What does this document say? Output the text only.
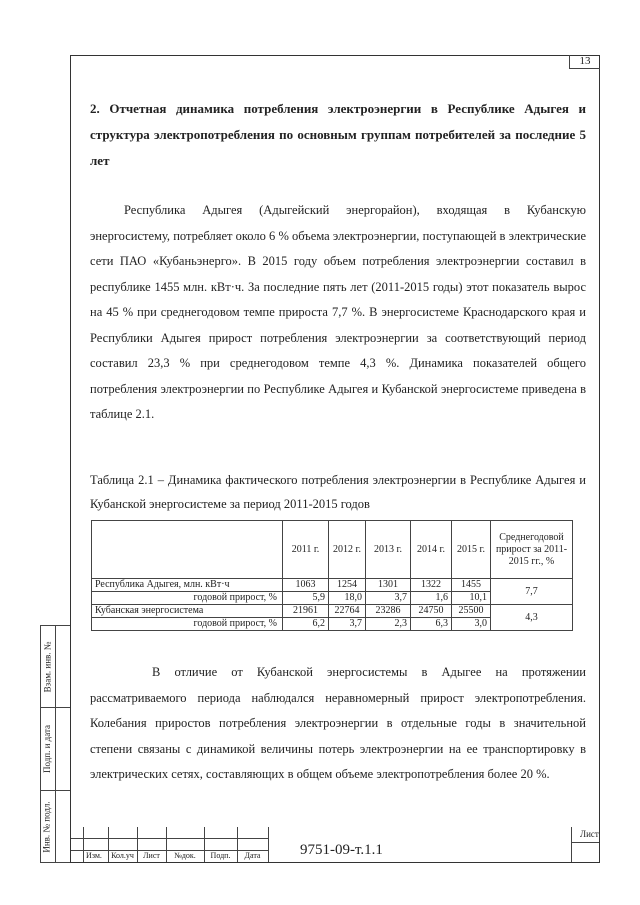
13
2. Отчетная динамика потребления электроэнергии в Республике Адыгея и структура электропотребления по основным группам потребителей за последние 5 лет

Республика Адыгея (Адыгейский энергорайон), входящая в Кубанскую энергосистему, потребляет около 6 % объема электроэнергии, поступающей в электрические сети ПАО «Кубаньэнерго». В 2015 году объем потребления электроэнергии составил в республике 1455 млн. кВт·ч. За последние пять лет (2011-2015 годы) этот показатель вырос на 45 % при среднегодовом темпе прироста 7,7 %. В энергосистеме Краснодарского края и Республики Адыгея прирост потребления электроэнергии за соответствующий период составил 23,3 % при среднегодовом темпе 4,3 %. Динамика показателей общего потребления электроэнергии по Республике Адыгея и Кубанской энергосистеме приведена в таблице 2.1.

Таблица 2.1 – Динамика фактического потребления электроэнергии в Республике Адыгея и Кубанской энергосистеме за период 2011-2015 годов

	2011 г.	2012 г.	2013 г.	2014 г.	2015 г.	Среднегодовой прирост за 2011-2015 гг., %
Республика Адыгея, млн. кВт·ч	1063	1254	1301	1322	1455	7,7
годовой прирост, %	5,9	18,0	3,7	1,6	10,1	
Кубанская энергосистема	21961	22764	23286	24750	25500	4,3
годовой прирост, %	6,2	3,7	2,3	6,3	3,0	

В отличие от Кубанской энергосистемы в Адыгее на протяжении рассматриваемого периода наблюдался неравномерный прирост электропотребления. Колебания приростов потребления электроэнергии в отдельные годы в значительной степени связаны с динамикой величины потерь электроэнергии на ее транспортировку в электрических сетях, составляющих в общем объеме электропотребления более 20 %.

Взам. инв. №
Подп. и дата
Инв. № подл.
Изм.	Кол.уч	Лист	№док.	Подп.	Дата	9751-09-т.1.1
Лист
